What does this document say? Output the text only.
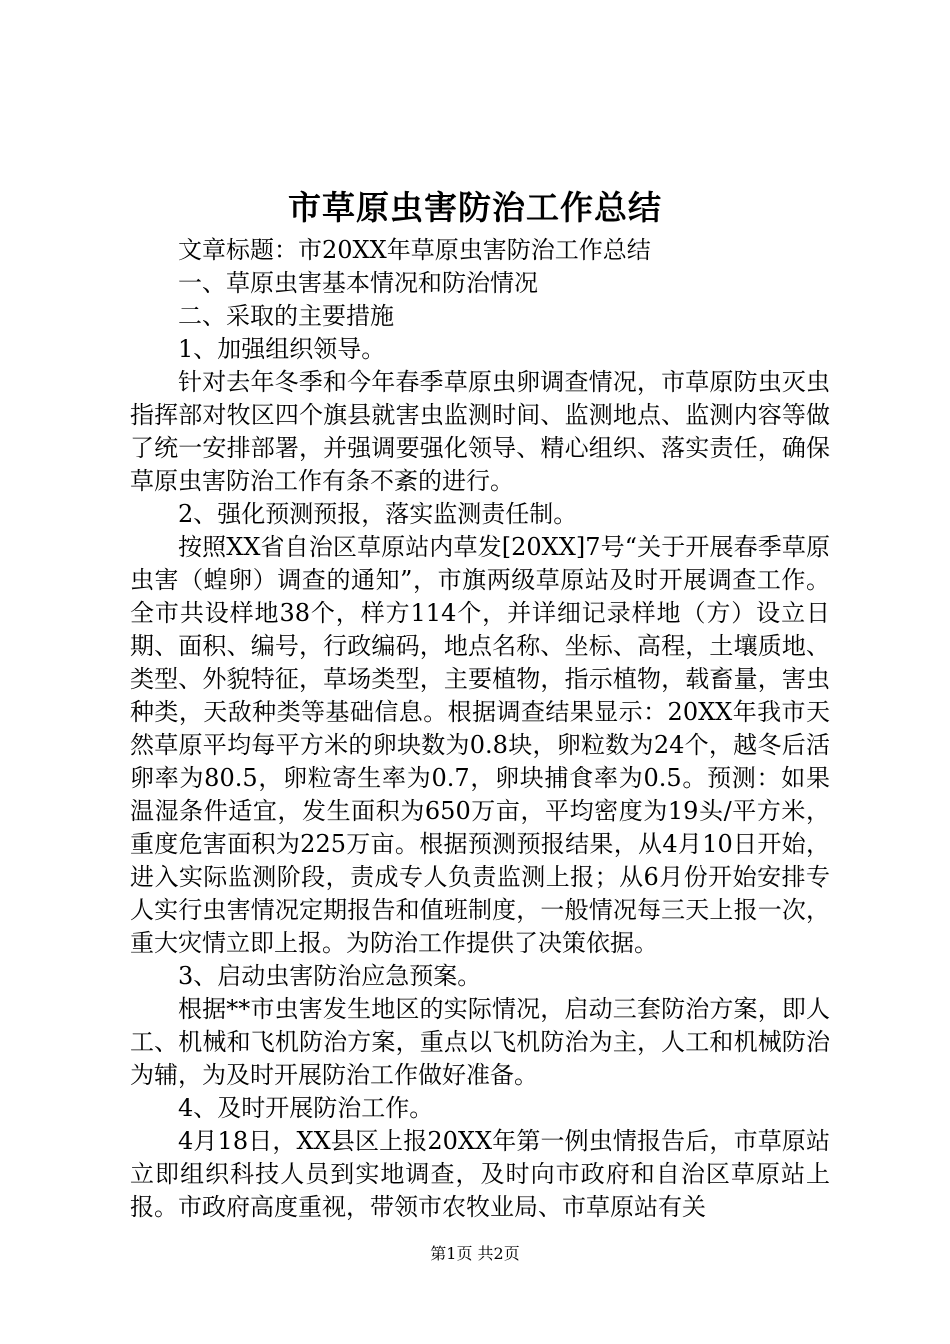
市草原虫害防治工作总结

文章标题：市20XX年草原虫害防治工作总结

一、草原虫害基本情况和防治情况

二、采取的主要措施

1、加强组织领导。

针对去年冬季和今年春季草原虫卵调查情况，市草原防虫灭虫指挥部对牧区四个旗县就害虫监测时间、监测地点、监测内容等做了统一安排部署，并强调要强化领导、精心组织、落实责任，确保草原虫害防治工作有条不紊的进行。

2、强化预测预报，落实监测责任制。

按照XX省自治区草原站内草发[20XX]7号“关于开展春季草原虫害（蝗卵）调查的通知”，市旗两级草原站及时开展调查工作。全市共设样地38个，样方114个，并详细记录样地（方）设立日期、面积、编号，行政编码，地点名称、坐标、高程，土壤质地、类型、外貌特征，草场类型，主要植物，指示植物，载畜量，害虫种类，天敌种类等基础信息。根据调查结果显示：20XX年我市天然草原平均每平方米的卵块数为0.8块，卵粒数为24个，越冬后活卵率为80.5，卵粒寄生率为0.7，卵块捕食率为0.5。预测：如果温湿条件适宜，发生面积为650万亩，平均密度为19头/平方米，重度危害面积为225万亩。根据预测预报结果，从4月10日开始，进入实际监测阶段，责成专人负责监测上报；从6月份开始安排专人实行虫害情况定期报告和值班制度，一般情况每三天上报一次，重大灾情立即上报。为防治工作提供了决策依据。

3、启动虫害防治应急预案。

根据**市虫害发生地区的实际情况，启动三套防治方案，即人工、机械和飞机防治方案，重点以飞机防治为主，人工和机械防治为辅，为及时开展防治工作做好准备。

4、及时开展防治工作。

4月18日，XX县区上报20XX年第一例虫情报告后，市草原站立即组织科技人员到实地调查，及时向市政府和自治区草原站上报。市政府高度重视，带领市农牧业局、市草原站有关

第1页 共2页
